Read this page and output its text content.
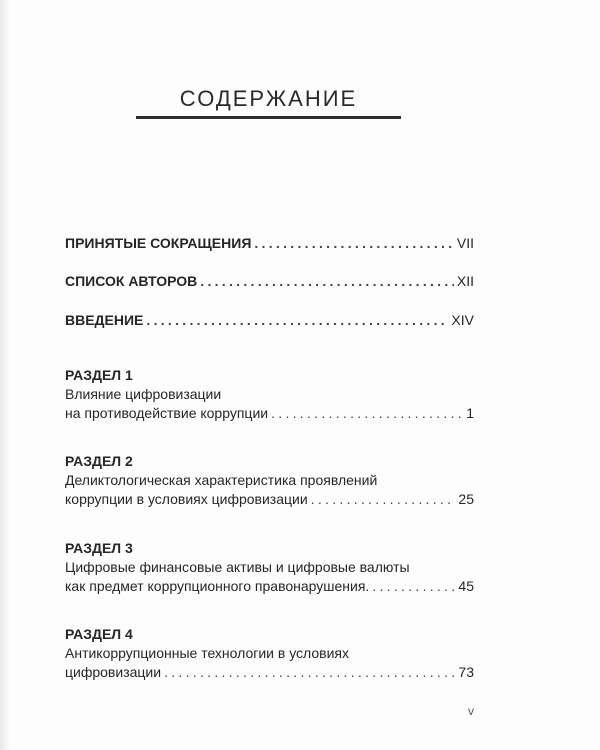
СОДЕРЖАНИЕ
ПРИНЯТЫЕ СОКРАЩЕНИЯ . . .	VII
СПИСОК АВТОРОВ . . .	XII
ВВЕДЕНИЕ . . .	XIV
РАЗДЕЛ 1
Влияние цифровизации
на противодействие коррупции . . .	1
РАЗДЕЛ 2
Деликтологическая характеристика проявлений
коррупции в условиях цифровизации . . .	25
РАЗДЕЛ 3
Цифровые финансовые активы и цифровые валюты
как предмет коррупционного правонарушения. . . .	45
РАЗДЕЛ 4
Антикоррупционные технологии в условиях
цифровизации . . .	73
v
